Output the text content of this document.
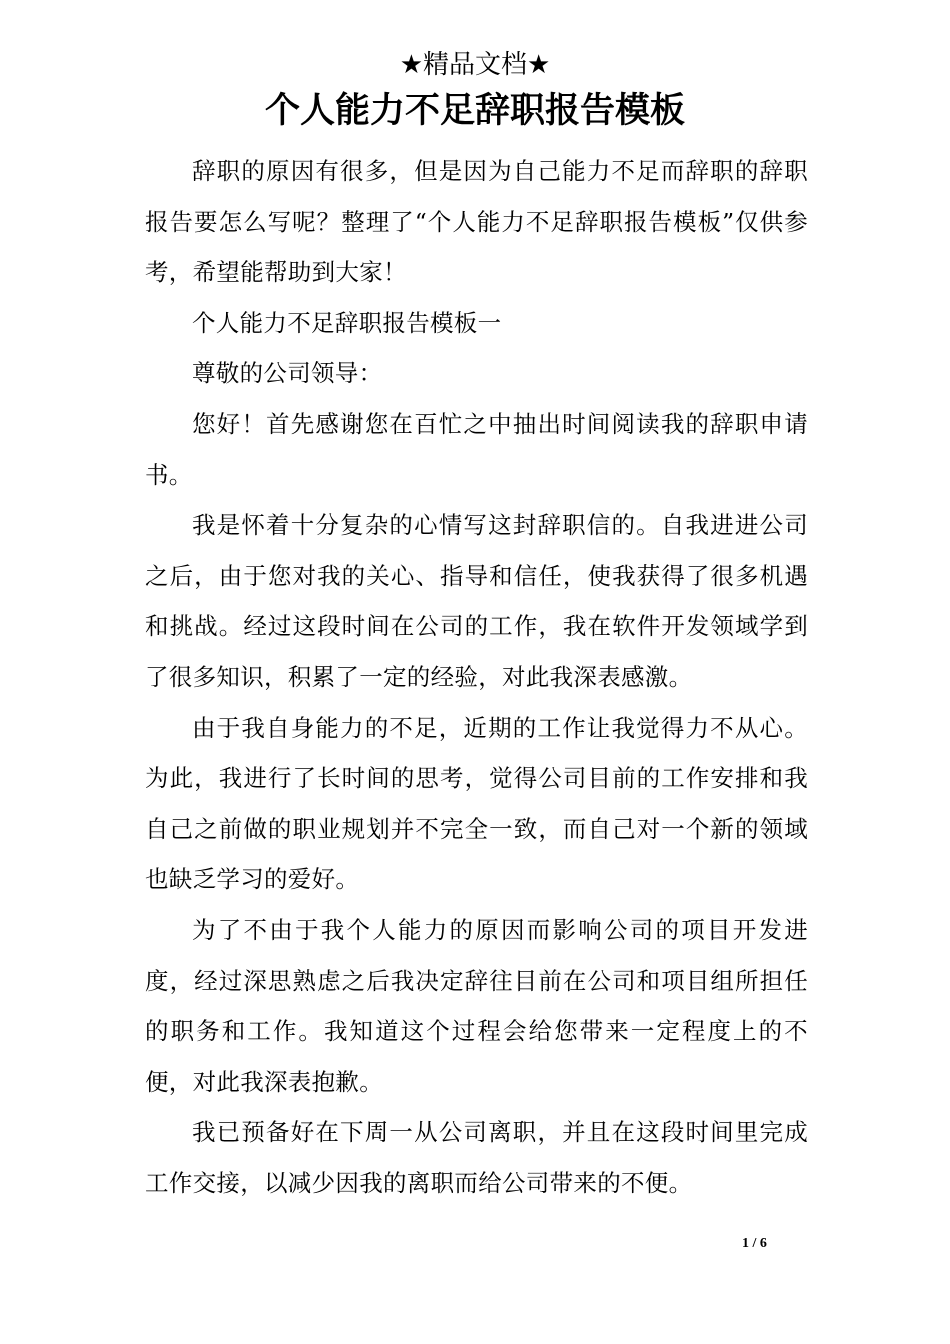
★精品文档★
个人能力不足辞职报告模板

辞职的原因有很多，但是因为自己能力不足而辞职的辞职报告要怎么写呢？整理了“个人能力不足辞职报告模板”仅供参考，希望能帮助到大家！

个人能力不足辞职报告模板一

尊敬的公司领导：

您好！首先感谢您在百忙之中抽出时间阅读我的辞职申请书。

我是怀着十分复杂的心情写这封辞职信的。自我进进公司之后，由于您对我的关心、指导和信任，使我获得了很多机遇和挑战。经过这段时间在公司的工作，我在软件开发领域学到了很多知识，积累了一定的经验，对此我深表感激。

由于我自身能力的不足，近期的工作让我觉得力不从心。为此，我进行了长时间的思考，觉得公司目前的工作安排和我自己之前做的职业规划并不完全一致，而自己对一个新的领域也缺乏学习的爱好。

为了不由于我个人能力的原因而影响公司的项目开发进度，经过深思熟虑之后我决定辞往目前在公司和项目组所担任的职务和工作。我知道这个过程会给您带来一定程度上的不便，对此我深表抱歉。

我已预备好在下周一从公司离职，并且在这段时间里完成工作交接，以减少因我的离职而给公司带来的不便。

1 / 6
